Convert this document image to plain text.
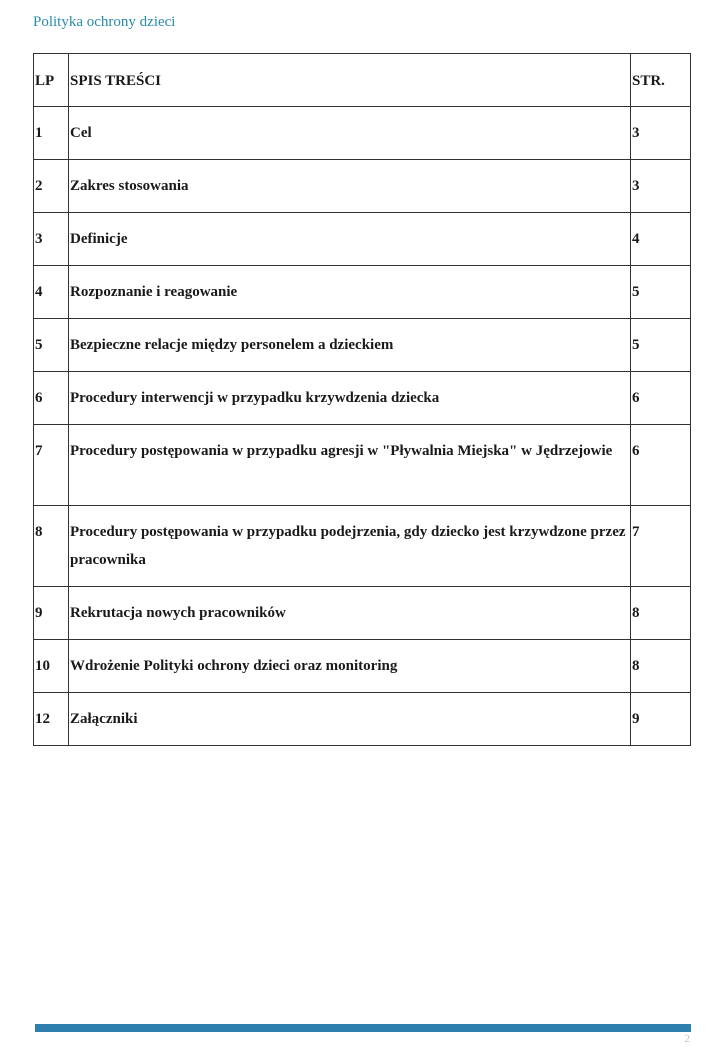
Polityka ochrony dzieci
LP	SPIS TREŚCI	STR.

1	Cel	3

2	Zakres stosowania	3

3	Definicje	4

4	Rozpoznanie i reagowanie	5

5	Bezpieczne relacje między personelem a dzieckiem	5

6	Procedury interwencji w przypadku krzywdzenia dziecka	6

7	Procedury postępowania w przypadku agresji w "Pływalnia Miejska" w Jędrzejowie	6

8	Procedury postępowania w przypadku podejrzenia, gdy dziecko jest krzywdzone przez pracownika	7

9	Rekrutacja nowych pracowników	8

10	Wdrożenie Polityki ochrony dzieci oraz monitoring	8

12	Załączniki	9
2
